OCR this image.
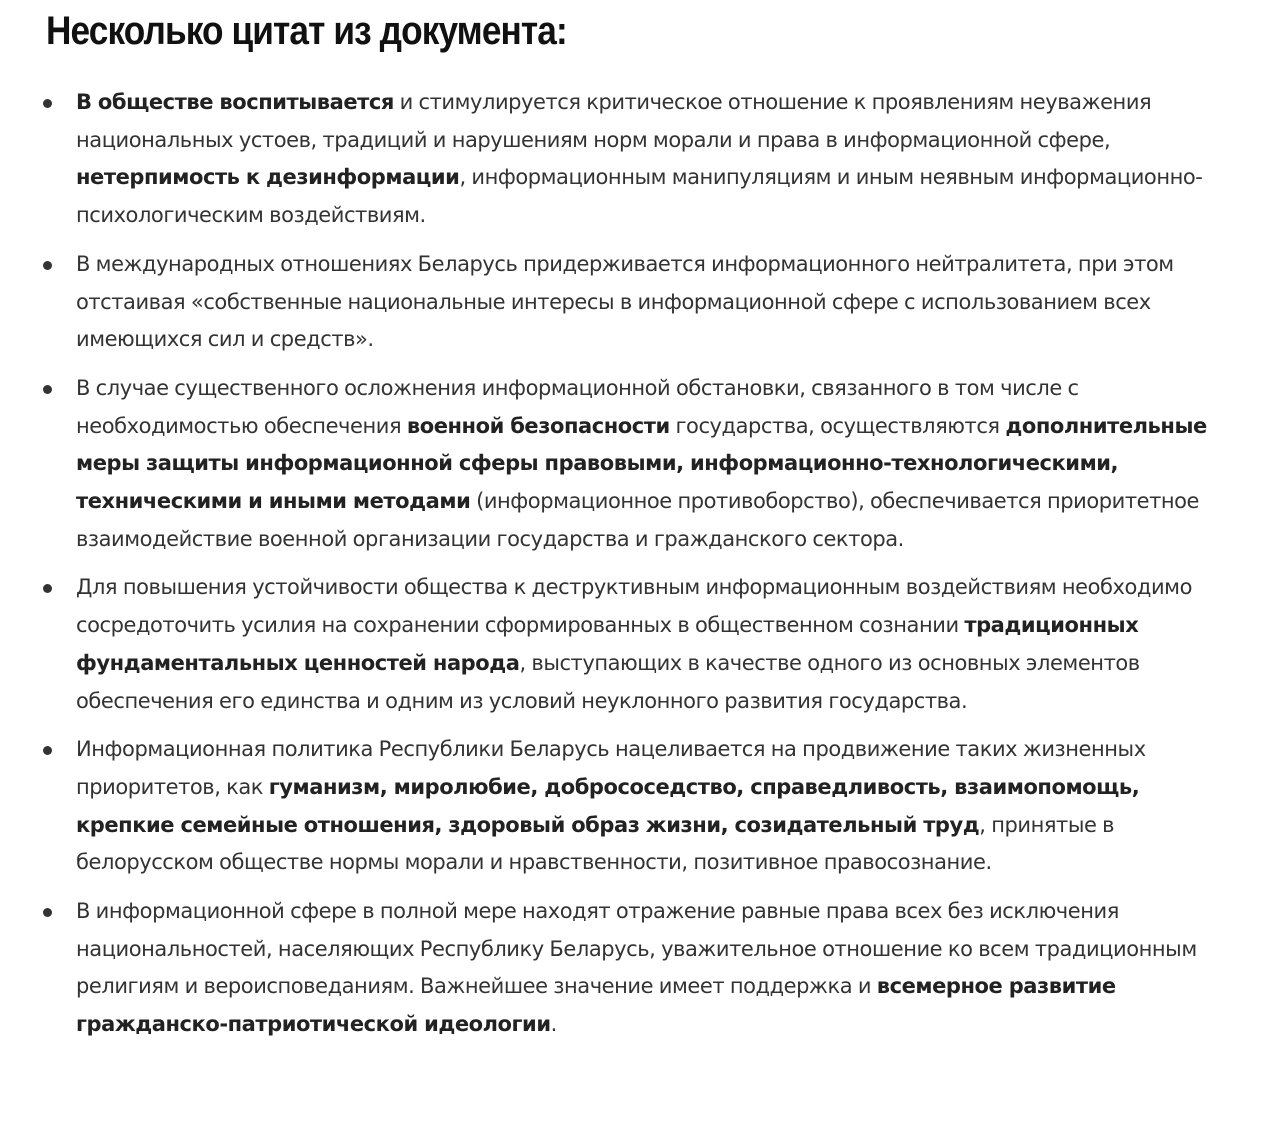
Несколько цитат из документа:
В обществе воспитывается и стимулируется критическое отношение к проявлениям неуважения национальных устоев, традиций и нарушениям норм морали и права в информационной сфере, нетерпимость к дезинформации, информационным манипуляциям и иным неявным информационно-психологическим воздействиям.
В международных отношениях Беларусь придерживается информационного нейтралитета, при этом отстаивая «собственные национальные интересы в информационной сфере с использованием всех имеющихся сил и средств».
В случае существенного осложнения информационной обстановки, связанного в том числе с необходимостью обеспечения военной безопасности государства, осуществляются дополнительные меры защиты информационной сферы правовыми, информационно-технологическими, техническими и иными методами (информационное противоборство), обеспечивается приоритетное взаимодействие военной организации государства и гражданского сектора.
Для повышения устойчивости общества к деструктивным информационным воздействиям необходимо сосредоточить усилия на сохранении сформированных в общественном сознании традиционных фундаментальных ценностей народа, выступающих в качестве одного из основных элементов обеспечения его единства и одним из условий неуклонного развития государства.
Информационная политика Республики Беларусь нацеливается на продвижение таких жизненных приоритетов, как гуманизм, миролюбие, добрососедство, справедливость, взаимопомощь, крепкие семейные отношения, здоровый образ жизни, созидательный труд, принятые в белорусском обществе нормы морали и нравственности, позитивное правосознание.
В информационной сфере в полной мере находят отражение равные права всех без исключения национальностей, населяющих Республику Беларусь, уважительное отношение ко всем традиционным религиям и вероисповеданиям. Важнейшее значение имеет поддержка и всемерное развитие гражданско-патриотической идеологии.
